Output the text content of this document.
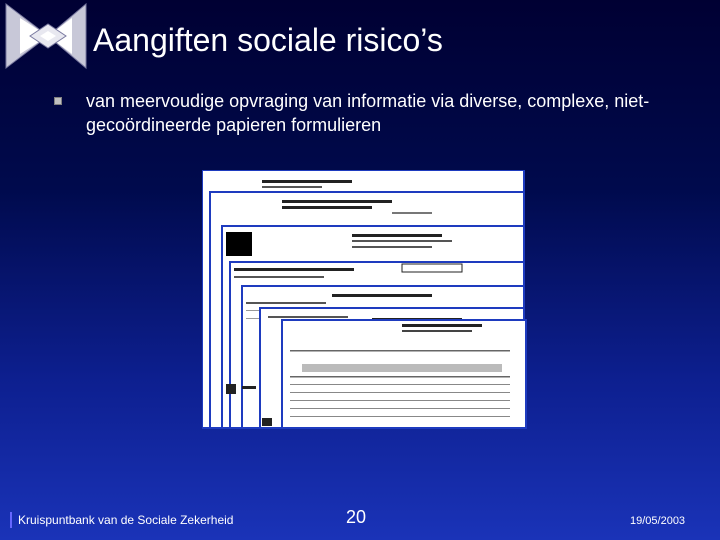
Aangiften sociale risico’s

van meervoudige opvraging van informatie via diverse, complexe, niet-gecoördineerde papieren formulieren

Kruispuntbank van de Sociale Zekerheid	20	19/05/2003
